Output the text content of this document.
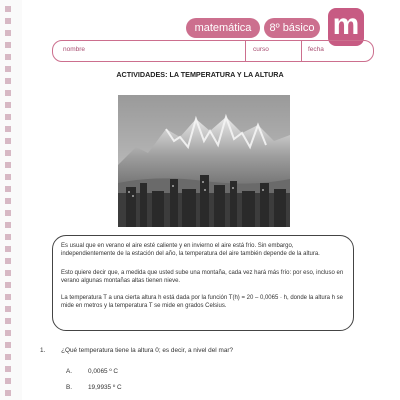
matemática	8º básico m
nombre	curso	fecha
ACTIVIDADES: LA TEMPERATURA Y LA ALTURA
Es usual que en verano el aire esté caliente y en invierno el aire está frío. Sin embargo, independientemente de la estación del año, la temperatura del aire también depende de la altura.
Esto quiere decir que, a medida que usted sube una montaña, cada vez hará más frío: por eso, incluso en verano algunas montañas altas tienen nieve.
La temperatura T a una cierta altura h está dada por la función T(h) = 20 – 0,0065 · h, donde la altura h se mide en metros y la temperatura T se mide en grados Celsius.
1. ¿Qué temperatura tiene la altura 0; es decir, a nivel del mar?
A. 0,0065 º C
B. 19,9935 º C
